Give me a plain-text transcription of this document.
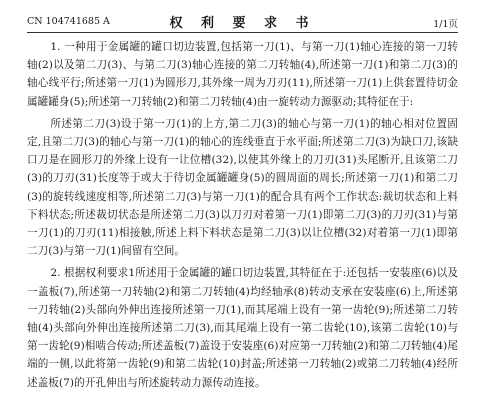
CN 104741685 A	权 利 要 求 书	1/1页

1. 一种用于金属罐的罐口切边装置,包括第一刀(1)、与第一刀(1)轴心连接的第一刀转轴(2)以及第二刀(3)、与第二刀(3)轴心连接的第二刀转轴(4),所述第一刀(1)和第二刀(3)的轴心线平行;所述第一刀(1)为圆形刀,其外缘一周为刀刃(11),所述第一刀(1)上供套置待切金属罐罐身(5);所述第一刀转轴(2)和第二刀转轴(4)由一旋转动力源驱动;其特征在于:

所述第二刀(3)设于第一刀(1)的上方,第二刀(3)的轴心与第一刀(1)的轴心相对位置固定,且第二刀(3)的轴心与第一刀(1)的轴心的连线垂直于水平面;所述第二刀(3)为缺口刀,该缺口刀是在圆形刀的外缘上设有一让位槽(32),以使其外缘上的刀刃(31)头尾断开,且该第二刀(3)的刀刃(31)长度等于或大于待切金属罐罐身(5)的圆周面的周长;所述第一刀(1)和第二刀(3)的旋转线速度相等,所述第二刀(3)与第一刀(1)的配合具有两个工作状态:裁切状态和上料下料状态;所述裁切状态是所述第二刀(3)以刀刃对着第一刀(1)即第二刀(3)的刀刃(31)与第一刀(1)的刀刃(11)相接触,所述上料下料状态是第二刀(3)以让位槽(32)对着第一刀(1)即第二刀(3)与第一刀(1)间留有空间。

2. 根据权利要求1所述用于金属罐的罐口切边装置,其特征在于:还包括一安装座(6)以及一盖板(7),所述第一刀转轴(2)和第二刀转轴(4)均经轴承(8)转动支承在安装座(6)上,所述第一刀转轴(2)头部向外伸出连接所述第一刀(1),而其尾端上设有一第一齿轮(9);所述第二刀转轴(4)头部向外伸出连接所述第二刀(3),而其尾端上设有一第二齿轮(10),该第二齿轮(10)与第一齿轮(9)相啮合传动;所述盖板(7)盖设于安装座(6)对应第一刀转轴(2)和第二刀转轴(4)尾端的一侧,以此将第一齿轮(9)和第二齿轮(10)封盖;所述第一刀转轴(2)或第二刀转轴(4)经所述盖板(7)的开孔伸出与所述旋转动力源传动连接。
